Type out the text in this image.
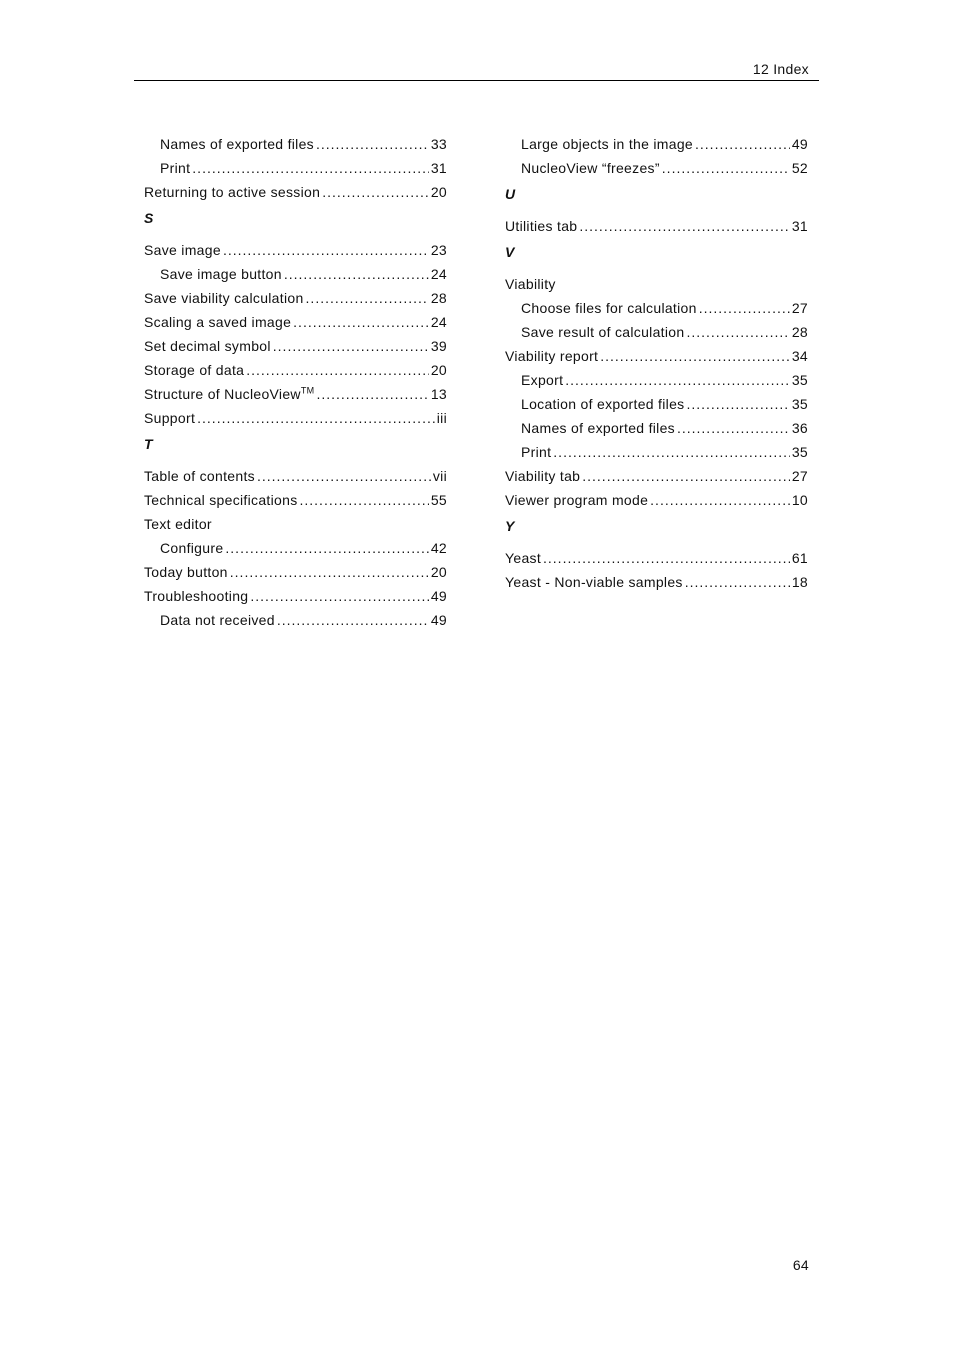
12 Index
Names of exported files .....	33
Print .....	31
Returning to active session .....	20
S
Save image .....	23
Save image button .....	24
Save viability calculation .....	28
Scaling a saved image .....	24
Set decimal symbol .....	39
Storage of data .....	20
Structure of NucleoView™ .....	13
Support .....	iii
T
Table of contents .....	vii
Technical specifications .....	55
Text editor
Configure .....	42
Today button .....	20
Troubleshooting .....	49
Data not received .....	49
Large objects in the image .....	49
NucleoView “freezes” .....	52
U
Utilities tab .....	31
V
Viability
Choose files for calculation .....	27
Save result of calculation .....	28
Viability report .....	34
Export .....	35
Location of exported files .....	35
Names of exported files .....	36
Print .....	35
Viability tab .....	27
Viewer program mode .....	10
Y
Yeast .....	61
Yeast - Non-viable samples .....	18
64
